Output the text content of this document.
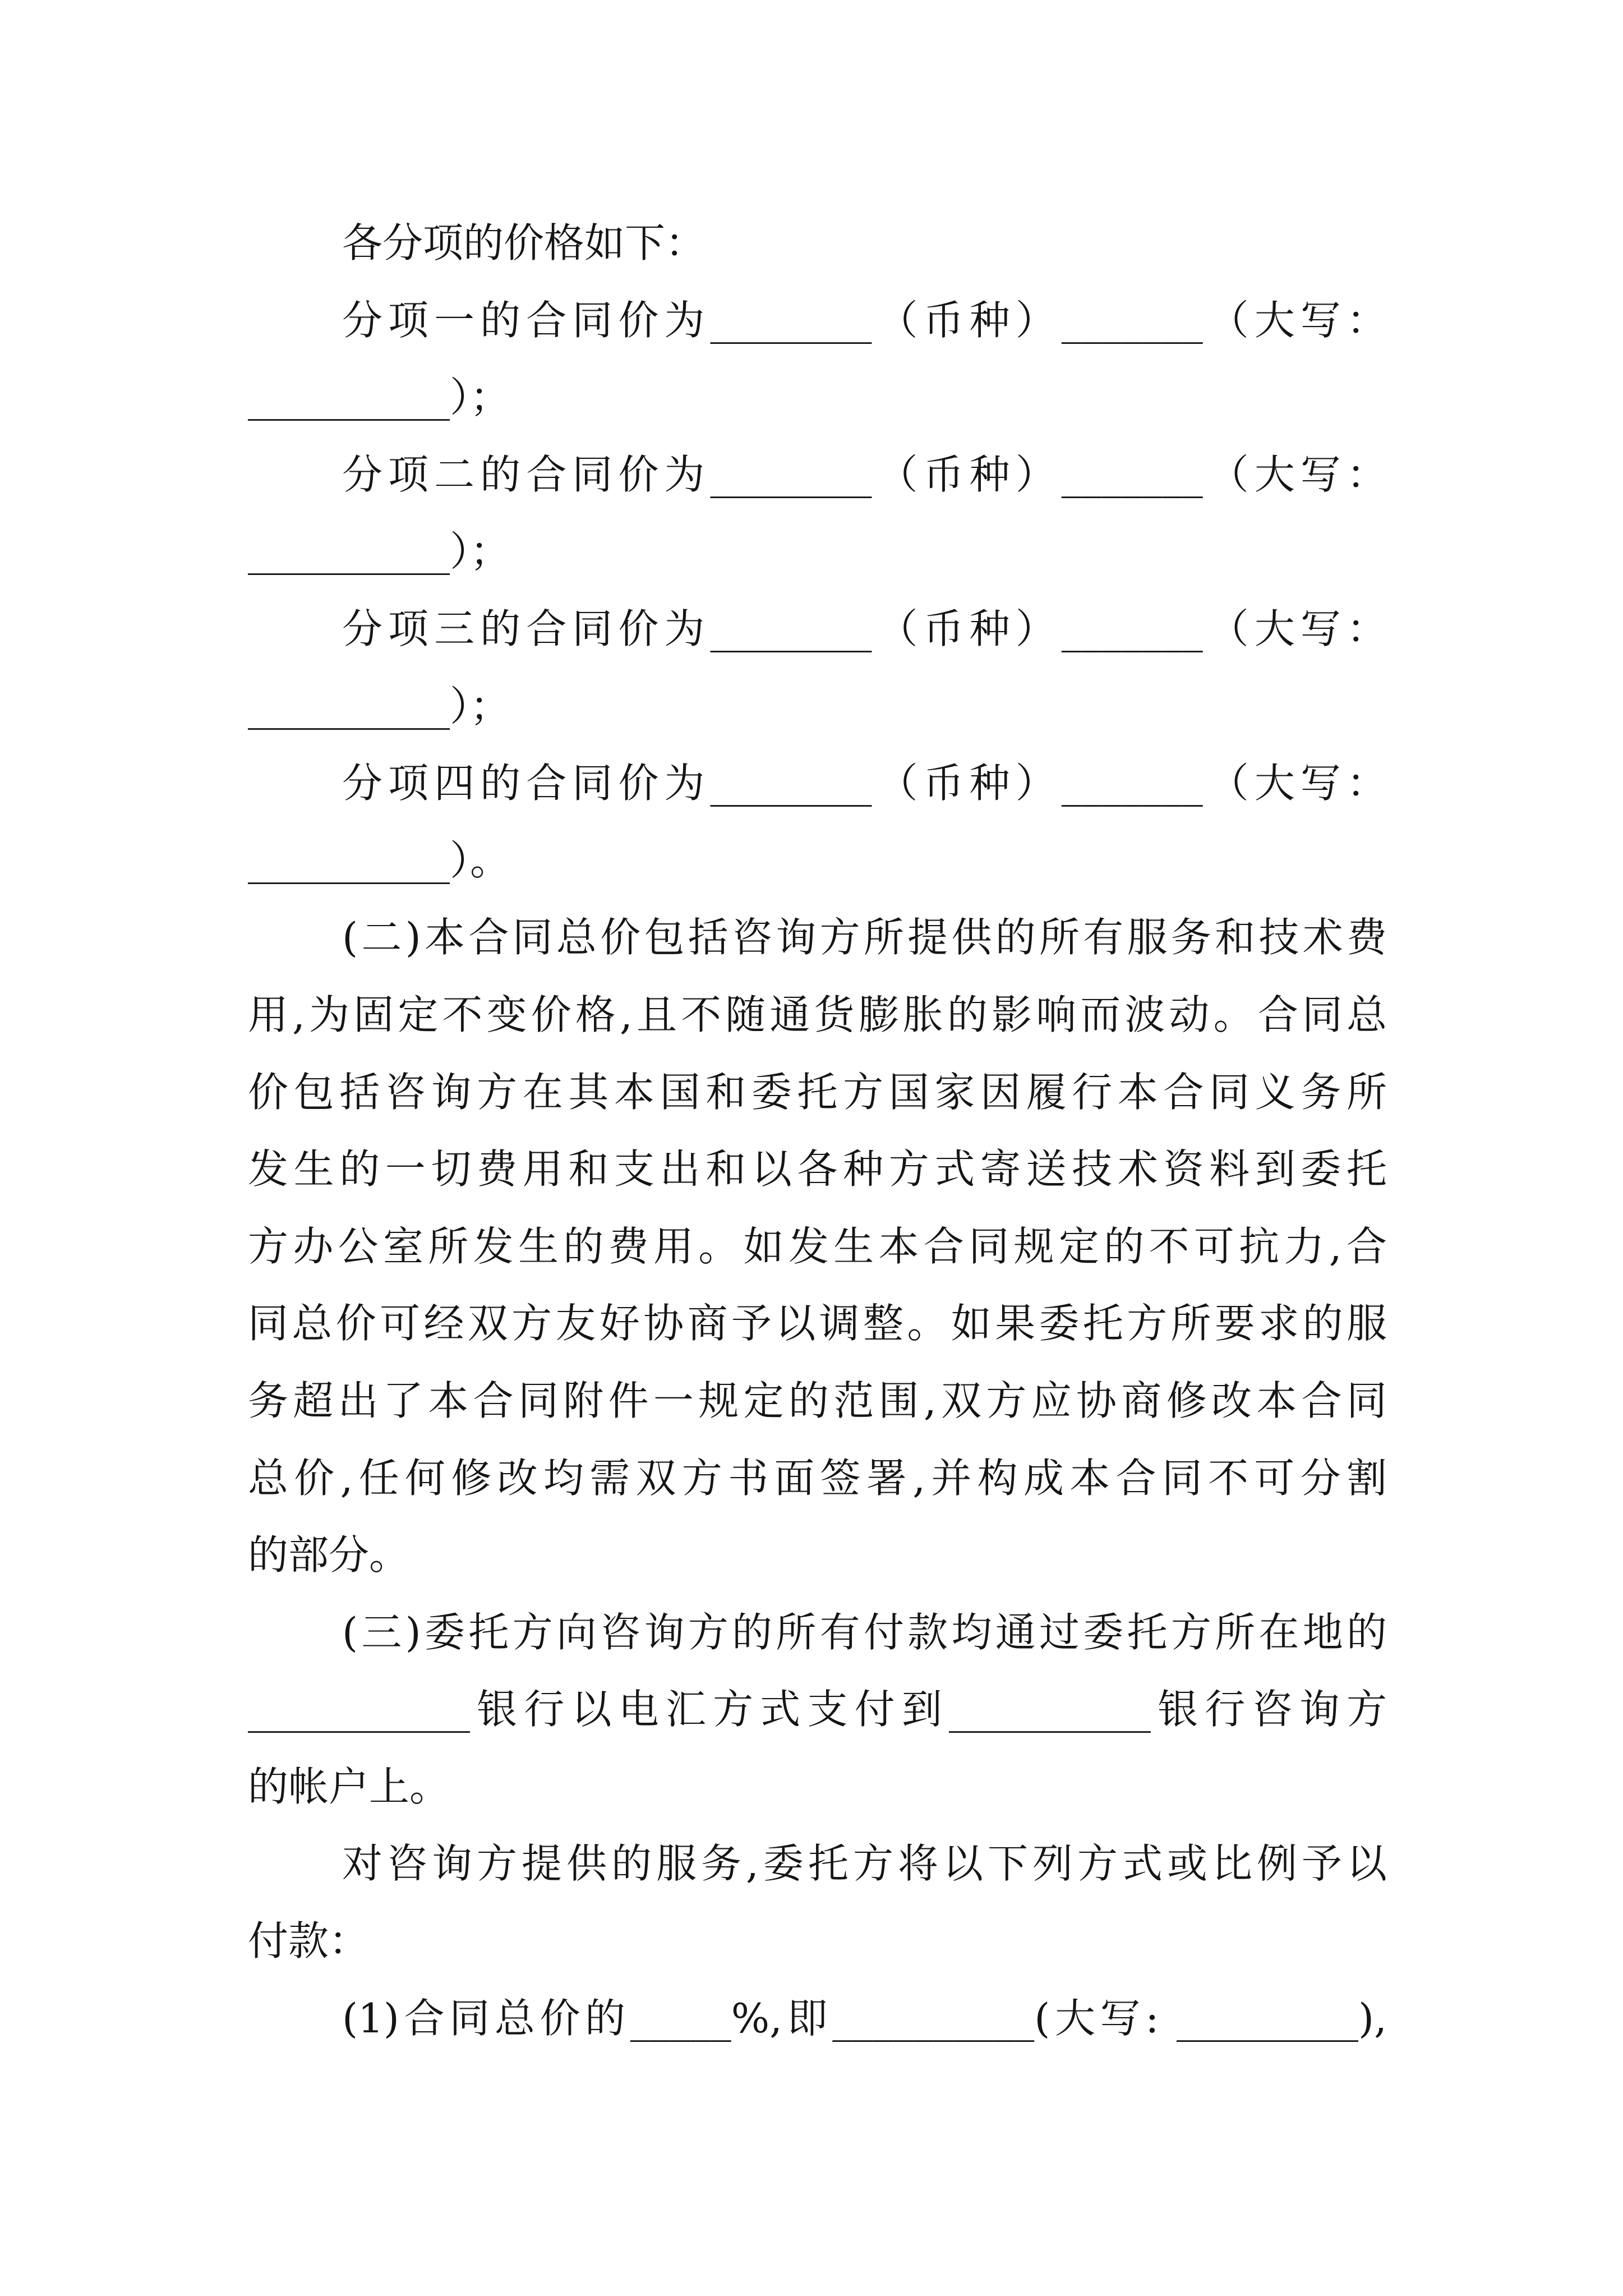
各分项的价格如下：
分项一的合同价为________（币种）_______（大写：
__________）；
分项二的合同价为________（币种）_______（大写：
__________）；
分项三的合同价为________（币种）_______（大写：
__________）；
分项四的合同价为________（币种）_______（大写：
__________）。
(二)本合同总价包括咨询方所提供的所有服务和技术费
用,为固定不变价格,且不随通货膨胀的影响而波动。合同总
价包括咨询方在其本国和委托方国家因履行本合同义务所
发生的一切费用和支出和以各种方式寄送技术资料到委托
方办公室所发生的费用。如发生本合同规定的不可抗力,合
同总价可经双方友好协商予以调整。如果委托方所要求的服
务超出了本合同附件一规定的范围,双方应协商修改本合同
总价,任何修改均需双方书面签署,并构成本合同不可分割
的部分。
(三)委托方向咨询方的所有付款均通过委托方所在地的
___________银行以电汇方式支付到__________银行咨询方
的帐户上。
对咨询方提供的服务,委托方将以下列方式或比例予以
付款：
(1)合同总价的_____%,即__________(大写: _________),
